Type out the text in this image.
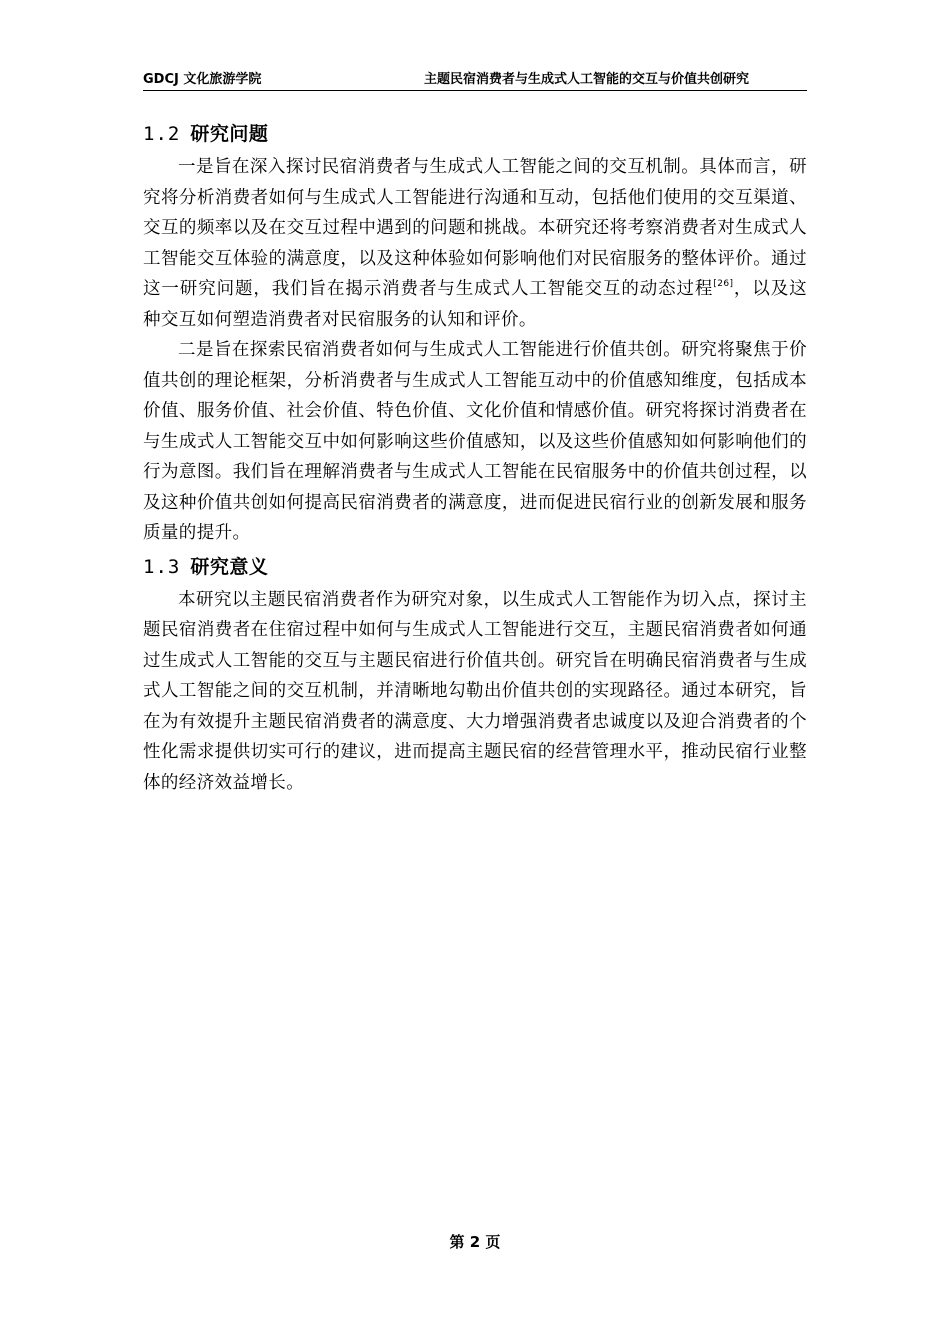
GDCJ 文化旅游学院	主题民宿消费者与生成式人工智能的交互与价值共创研究
1.2 研究问题

一是旨在深入探讨民宿消费者与生成式人工智能之间的交互机制。具体而言，研究将分析消费者如何与生成式人工智能进行沟通和互动，包括他们使用的交互渠道、交互的频率以及在交互过程中遇到的问题和挑战。本研究还将考察消费者对生成式人工智能交互体验的满意度，以及这种体验如何影响他们对民宿服务的整体评价。通过这一研究问题，我们旨在揭示消费者与生成式人工智能交互的动态过程[26]，以及这种交互如何塑造消费者对民宿服务的认知和评价。

二是旨在探索民宿消费者如何与生成式人工智能进行价值共创。研究将聚焦于价值共创的理论框架，分析消费者与生成式人工智能互动中的价值感知维度，包括成本价值、服务价值、社会价值、特色价值、文化价值和情感价值。研究将探讨消费者在与生成式人工智能交互中如何影响这些价值感知，以及这些价值感知如何影响他们的行为意图。我们旨在理解消费者与生成式人工智能在民宿服务中的价值共创过程，以及这种价值共创如何提高民宿消费者的满意度，进而促进民宿行业的创新发展和服务质量的提升。

1.3 研究意义

本研究以主题民宿消费者作为研究对象，以生成式人工智能作为切入点，探讨主题民宿消费者在住宿过程中如何与生成式人工智能进行交互，主题民宿消费者如何通过生成式人工智能的交互与主题民宿进行价值共创。研究旨在明确民宿消费者与生成式人工智能之间的交互机制，并清晰地勾勒出价值共创的实现路径。通过本研究，旨在为有效提升主题民宿消费者的满意度、大力增强消费者忠诚度以及迎合消费者的个性化需求提供切实可行的建议，进而提高主题民宿的经营管理水平，推动民宿行业整体的经济效益增长。

第 2 页
